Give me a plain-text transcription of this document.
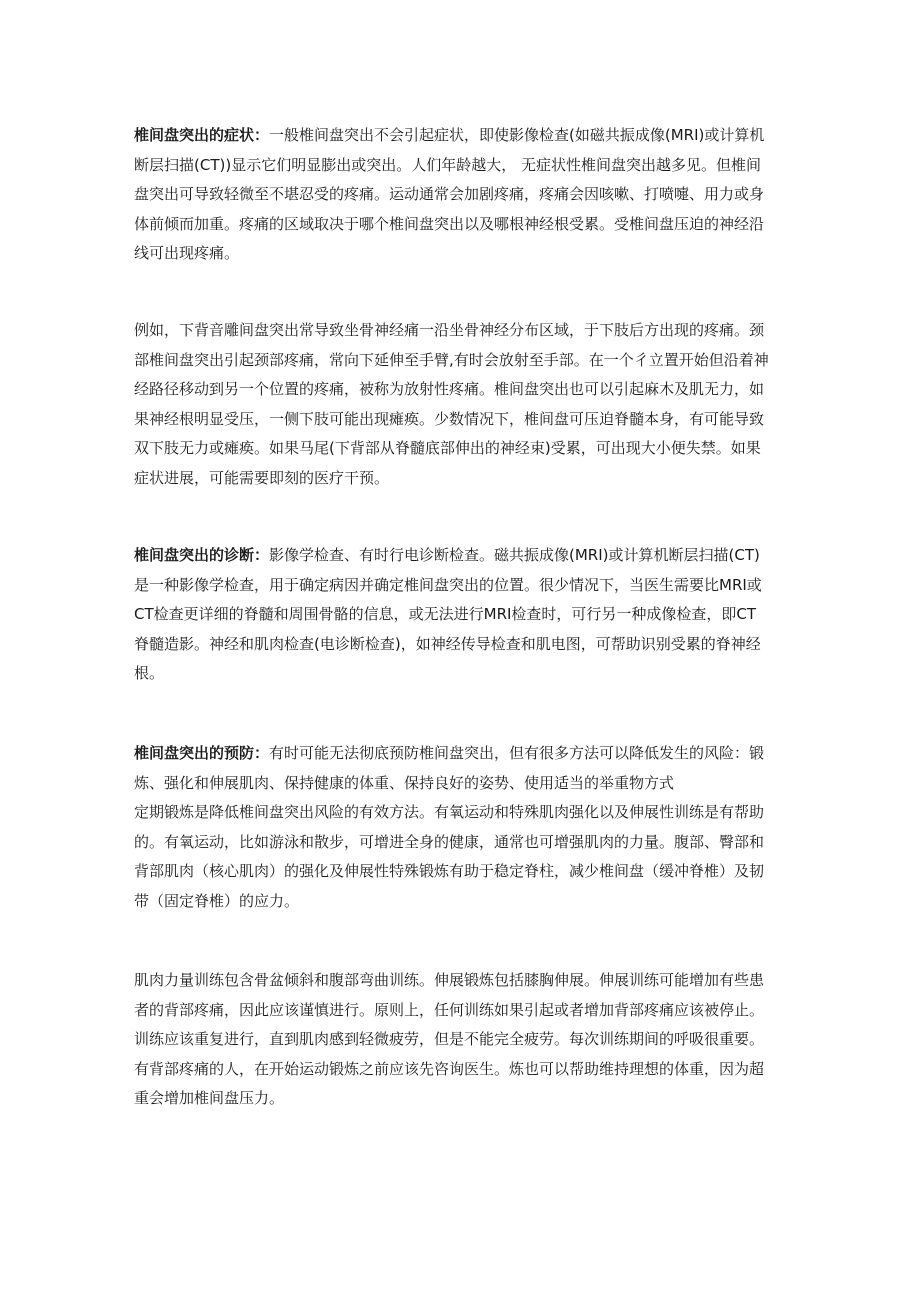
椎间盘突出的症状：一般椎间盘突出不会引起症状，即使影像检查(如磁共振成像(MRI)或计算机
断层扫描(CT))显示它们明显膨出或突出。人们年龄越大， 无症状性椎间盘突出越多见。但椎间
盘突出可导致轻微至不堪忍受的疼痛。运动通常会加剧疼痛，疼痛会因咳嗽、打喷嚏、用力或身
体前倾而加重。疼痛的区域取决于哪个椎间盘突出以及哪根神经根受累。受椎间盘压迫的神经沿
线可出现疼痛。

例如，下背音雕间盘突出常导致坐骨神经痛一沿坐骨神经分布区域，于下肢后方出现的疼痛。颈
部椎间盘突出引起颈部疼痛，常向下延伸至手臂,有时会放射至手部。在一个彳立置开始但沿着神
经路径移动到另一个位置的疼痛，被称为放射性疼痛。椎间盘突出也可以引起麻木及肌无力，如
果神经根明显受压，一侧下肢可能出现瘫痪。少数情况下，椎间盘可压迫脊髓本身，有可能导致
双下肢无力或瘫痪。如果马尾(下背部从脊髓底部伸出的神经束)受累，可出现大小便失禁。如果
症状进展，可能需要即刻的医疗干预。

椎间盘突出的诊断：影像学检查、有时行电诊断检查。磁共振成像(MRI)或计算机断层扫描(CT)
是一种影像学检查，用于确定病因并确定椎间盘突出的位置。很少情况下，当医生需要比MRI或
CT检查更详细的脊髓和周围骨骼的信息，或无法进行MRI检查时，可行另一种成像检查，即CT
脊髓造影。神经和肌肉检查(电诊断检查)，如神经传导检查和肌电图，可帮助识别受累的脊神经
根。

椎间盘突出的预防：有时可能无法彻底预防椎间盘突出，但有很多方法可以降低发生的风险：锻
炼、强化和伸展肌肉、保持健康的体重、保持良好的姿势、使用适当的举重物方式
定期锻炼是降低椎间盘突出风险的有效方法。有氧运动和特殊肌肉强化以及伸展性训练是有帮助
的。有氧运动，比如游泳和散步，可增进全身的健康，通常也可增强肌肉的力量。腹部、臀部和
背部肌肉（核心肌肉）的强化及伸展性特殊锻炼有助于稳定脊柱，减少椎间盘（缓冲脊椎）及韧
带（固定脊椎）的应力。

肌肉力量训练包含骨盆倾斜和腹部弯曲训练。伸展锻炼包括膝胸伸展。伸展训练可能增加有些患
者的背部疼痛，因此应该谨慎进行。原则上，任何训练如果引起或者增加背部疼痛应该被停止。
训练应该重复进行，直到肌肉感到轻微疲劳，但是不能完全疲劳。每次训练期间的呼吸很重要。
有背部疼痛的人，在开始运动锻炼之前应该先咨询医生。炼也可以帮助维持理想的体重，因为超
重会增加椎间盘压力。
